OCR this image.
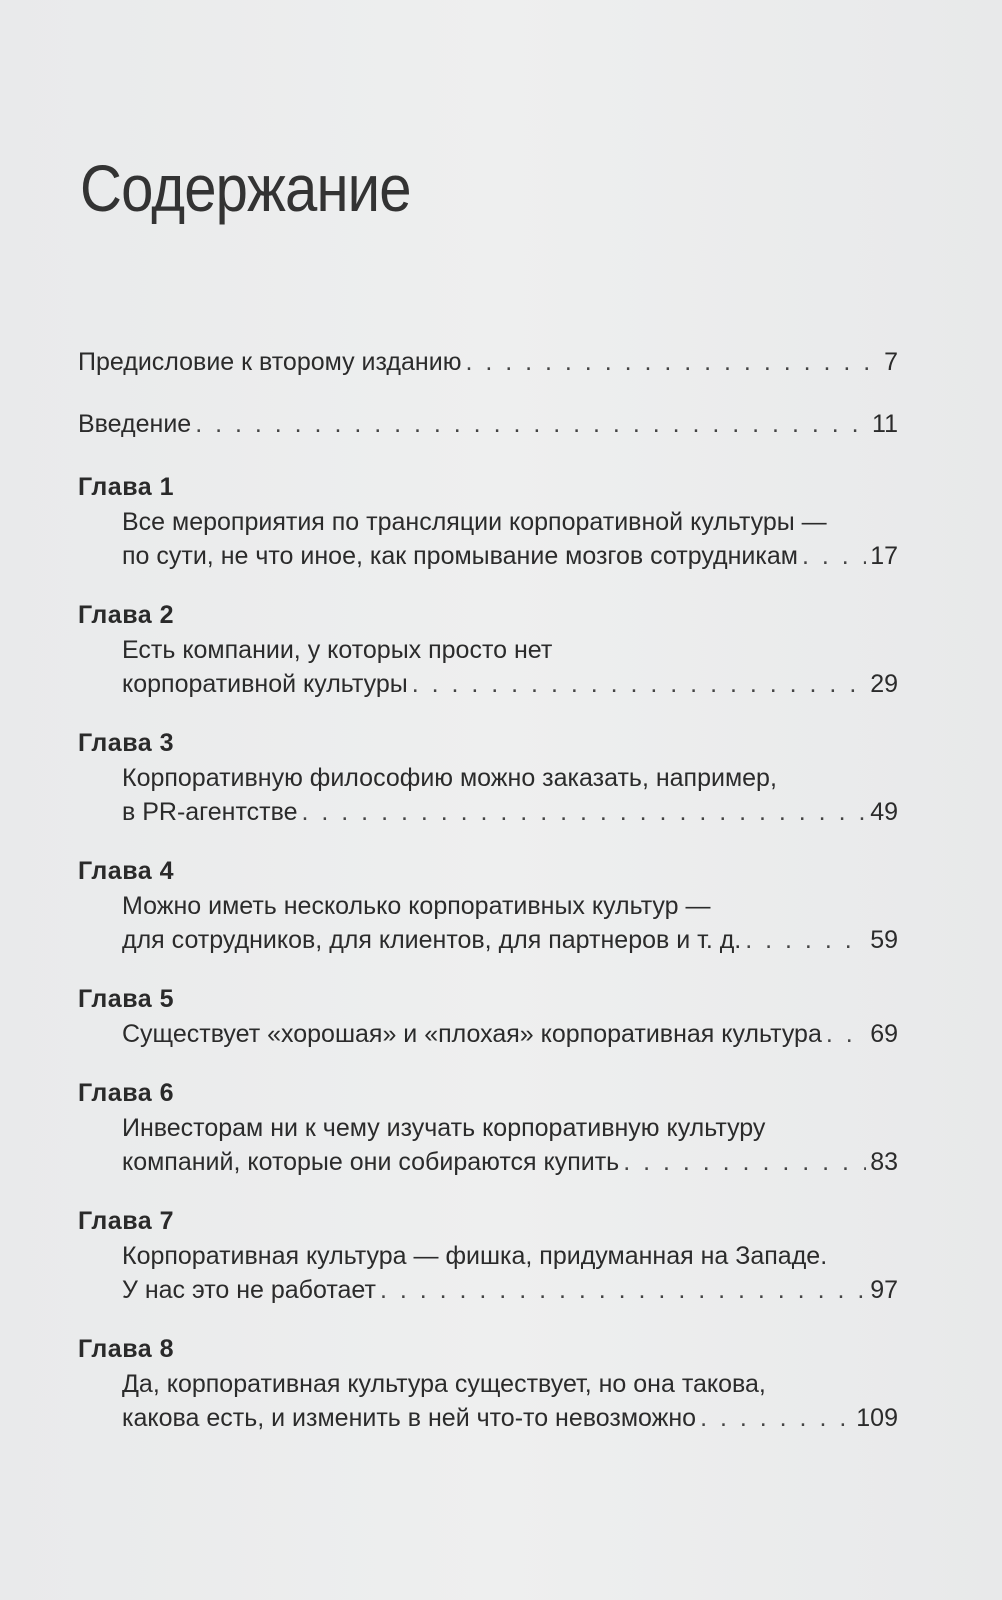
Содержание
Предисловие к второму изданию . . .	7
Введение . . .	11
Глава 1
Все мероприятия по трансляции корпоративной культуры —
по сути, не что иное, как промывание мозгов сотрудникам . . .	17
Глава 2
Есть компании, у которых просто нет
корпоративной культуры . . .	29
Глава 3
Корпоративную философию можно заказать, например,
в PR-агентстве . . .	49
Глава 4
Можно иметь несколько корпоративных культур —
для сотрудников, для клиентов, для партнеров и т. д. . . .	59
Глава 5
Существует «хорошая» и «плохая» корпоративная культура . . . 69
Глава 6
Инвесторам ни к чему изучать корпоративную культуру
компаний, которые они собираются купить . . .	83
Глава 7
Корпоративная культура — фишка, придуманная на Западе.
У нас это не работает . . .	97
Глава 8
Да, корпоративная культура существует, но она такова,
какова есть, и изменить в ней что-то невозможно . . .	109
